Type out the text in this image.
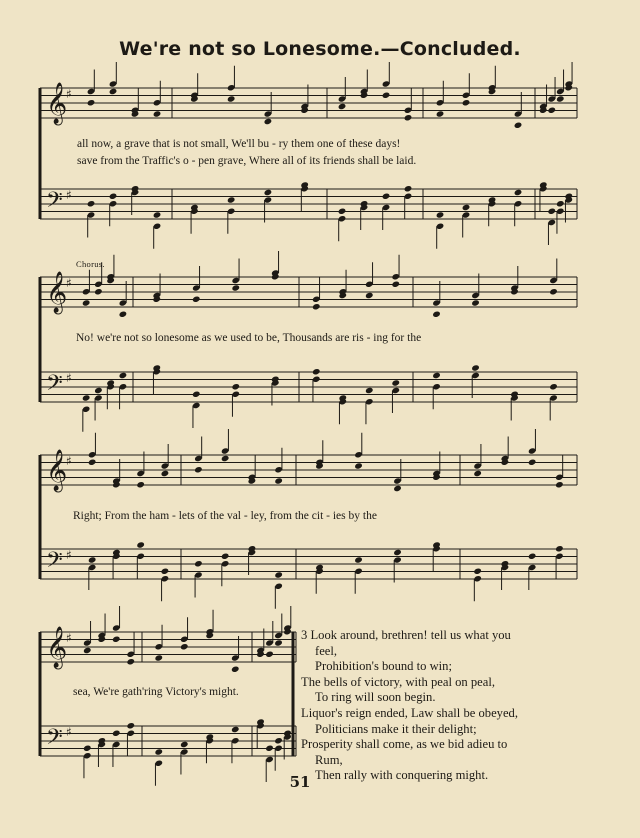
We're not so Lonesome.—Concluded.
𝄞
♯
𝄢 ♯
𝄞
♯
𝄢 ♯
𝄞
♯
𝄢 ♯
𝄞
♯
𝄢 ♯
all now, a grave that is not small, We'll bu - ry them one of these days!
save from the Traffic's o - pen grave, Where all of its friends shall be laid.
Chorus.
No! we're not so lonesome as we used to be, Thousands are ris - ing for the
Right; From the ham - lets of the val - ley, from the cit - ies by the
sea, We're gath'ring Victory's might.
3 Look around, brethren! tell us what you
feel,
Prohibition's bound to win;
The bells of victory, with peal on peal,
To ring will soon begin.
Liquor's reign ended, Law shall be obeyed,
Politicians make it their delight;
Prosperity shall come, as we bid adieu to
Rum,
Then rally with conquering might.
51
